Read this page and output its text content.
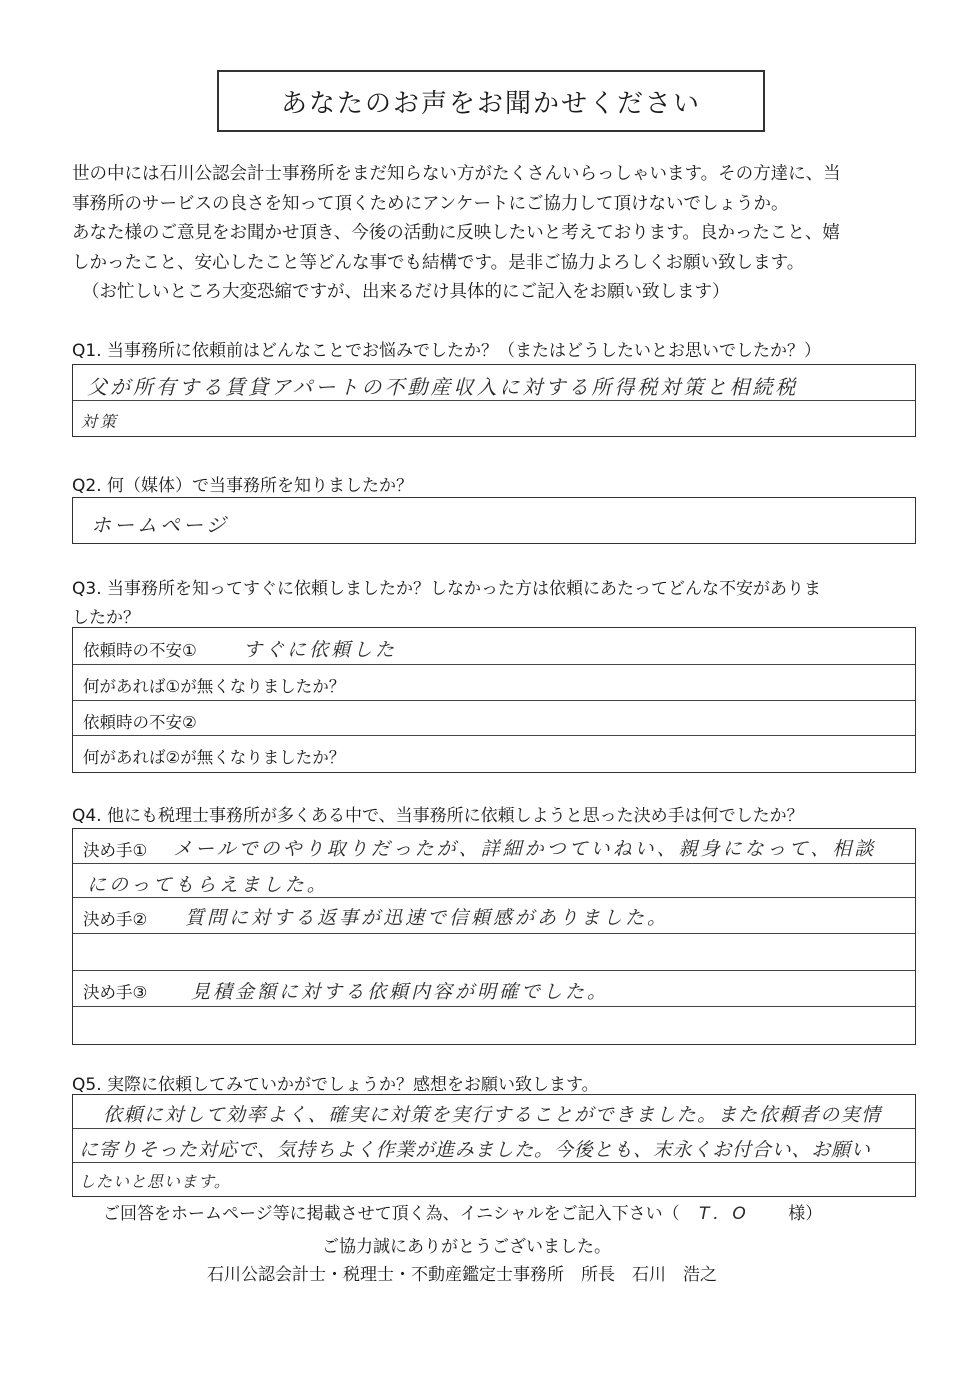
あなたのお声をお聞かせください
世の中には石川公認会計士事務所をまだ知らない方がたくさんいらっしゃいます。その方達に、当
事務所のサービスの良さを知って頂くためにアンケートにご協力して頂けないでしょうか。
あなた様のご意見をお聞かせ頂き、今後の活動に反映したいと考えております。良かったこと、嬉
しかったこと、安心したこと等どんな事でも結構です。是非ご協力よろしくお願い致します。
（お忙しいところ大変恐縮ですが、出来るだけ具体的にご記入をお願い致します）
Q1. 当事務所に依頼前はどんなことでお悩みでしたか？（またはどうしたいとお思いでしたか？）
父が所有する賃貸アパートの不動産収入に対する所得税対策と相続税
対策
Q2. 何（媒体）で当事務所を知りましたか？
ホームページ
Q3. 当事務所を知ってすぐに依頼しましたか？しなかった方は依頼にあたってどんな不安がありま
したか？
依頼時の不安① すぐに依頼した
何があれば①が無くなりましたか？
依頼時の不安②
何があれば②が無くなりましたか？
Q4. 他にも税理士事務所が多くある中で、当事務所に依頼しようと思った決め手は何でしたか？
決め手① メールでのやり取りだったが、詳細かつていねい、親身になって、相談
にのってもらえました。
決め手② 質問に対する返事が迅速で信頼感がありました。
決め手③ 見積金額に対する依頼内容が明確でした。
Q5. 実際に依頼してみていかがでしょうか？感想をお願い致します。
依頼に対して効率よく、確実に対策を実行することができました。また依頼者の実情
に寄りそった対応で、気持ちよく作業が進みました。今後とも、末永くお付合い、お願い
したいと思います。
ご回答をホームページ等に掲載させて頂く為、イニシャルをご記入下さい（ T．O 様）
ご協力誠にありがとうございました。
石川公認会計士・税理士・不動産鑑定士事務所　所長　石川　浩之
